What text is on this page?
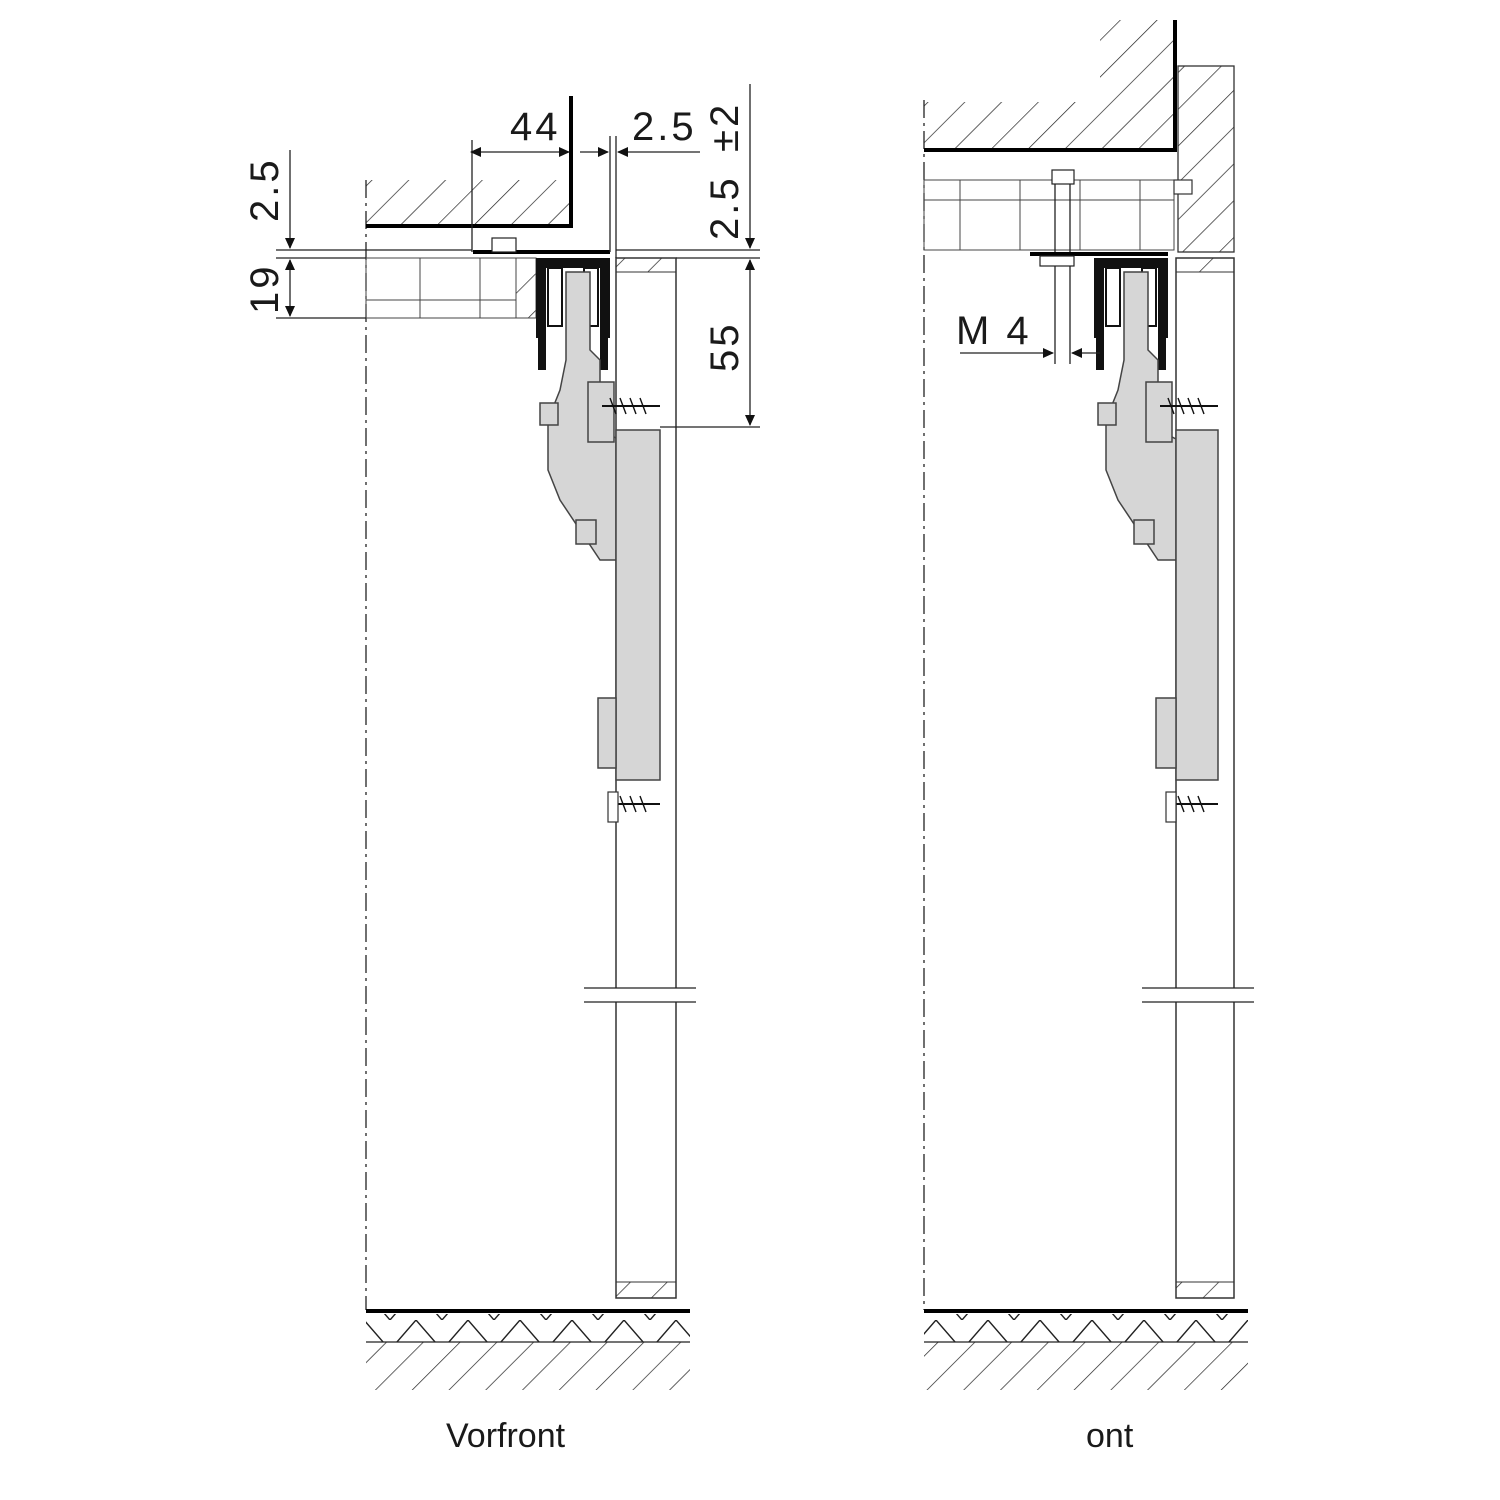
44 2.5 ±2
2.5
19
2.5
55
Vorfront
M 4
ont
